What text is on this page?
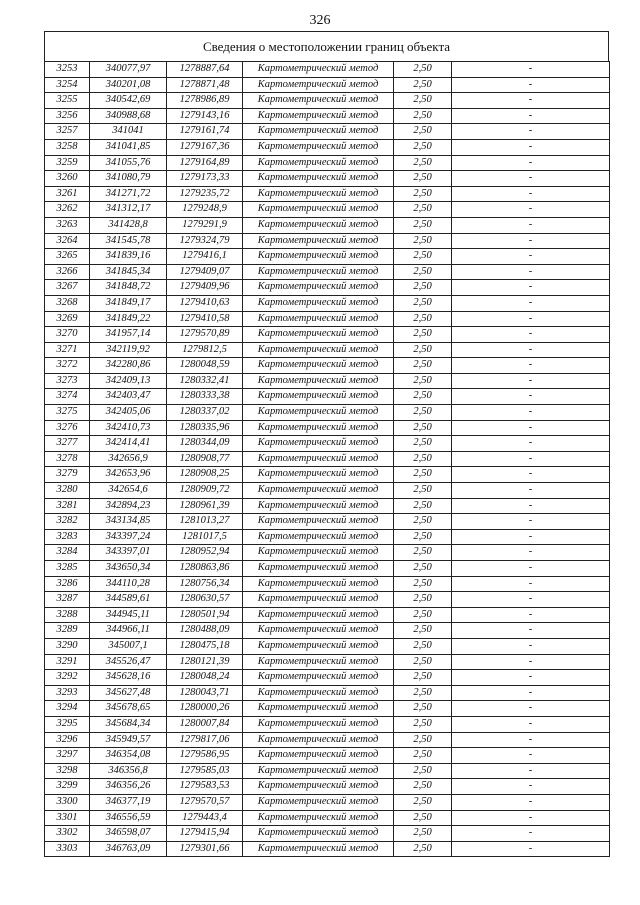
326
Сведения о местоположении границ объекта
3253	340077,97	1278887,64	Картометрический метод	2,50	-
3254	340201,08	1278871,48	Картометрический метод	2,50	-
3255	340542,69	1278986,89	Картометрический метод	2,50	-
3256	340988,68	1279143,16	Картометрический метод	2,50	-
3257	341041	1279161,74	Картометрический метод	2,50	-
3258	341041,85	1279167,36	Картометрический метод	2,50	-
3259	341055,76	1279164,89	Картометрический метод	2,50	-
3260	341080,79	1279173,33	Картометрический метод	2,50	-
3261	341271,72	1279235,72	Картометрический метод	2,50	-
3262	341312,17	1279248,9	Картометрический метод	2,50	-
3263	341428,8	1279291,9	Картометрический метод	2,50	-
3264	341545,78	1279324,79	Картометрический метод	2,50	-
3265	341839,16	1279416,1	Картометрический метод	2,50	-
3266	341845,34	1279409,07	Картометрический метод	2,50	-
3267	341848,72	1279409,96	Картометрический метод	2,50	-
3268	341849,17	1279410,63	Картометрический метод	2,50	-
3269	341849,22	1279410,58	Картометрический метод	2,50	-
3270	341957,14	1279570,89	Картометрический метод	2,50	-
3271	342119,92	1279812,5	Картометрический метод	2,50	-
3272	342280,86	1280048,59	Картометрический метод	2,50	-
3273	342409,13	1280332,41	Картометрический метод	2,50	-
3274	342403,47	1280333,38	Картометрический метод	2,50	-
3275	342405,06	1280337,02	Картометрический метод	2,50	-
3276	342410,73	1280335,96	Картометрический метод	2,50	-
3277	342414,41	1280344,09	Картометрический метод	2,50	-
3278	342656,9	1280908,77	Картометрический метод	2,50	-
3279	342653,96	1280908,25	Картометрический метод	2,50	-
3280	342654,6	1280909,72	Картометрический метод	2,50	-
3281	342894,23	1280961,39	Картометрический метод	2,50	-
3282	343134,85	1281013,27	Картометрический метод	2,50	-
3283	343397,24	1281017,5	Картометрический метод	2,50	-
3284	343397,01	1280952,94	Картометрический метод	2,50	-
3285	343650,34	1280863,86	Картометрический метод	2,50	-
3286	344110,28	1280756,34	Картометрический метод	2,50	-
3287	344589,61	1280630,57	Картометрический метод	2,50	-
3288	344945,11	1280501,94	Картометрический метод	2,50	-
3289	344966,11	1280488,09	Картометрический метод	2,50	-
3290	345007,1	1280475,18	Картометрический метод	2,50	-
3291	345526,47	1280121,39	Картометрический метод	2,50	-
3292	345628,16	1280048,24	Картометрический метод	2,50	-
3293	345627,48	1280043,71	Картометрический метод	2,50	-
3294	345678,65	1280000,26	Картометрический метод	2,50	-
3295	345684,34	1280007,84	Картометрический метод	2,50	-
3296	345949,57	1279817,06	Картометрический метод	2,50	-
3297	346354,08	1279586,95	Картометрический метод	2,50	-
3298	346356,8	1279585,03	Картометрический метод	2,50	-
3299	346356,26	1279583,53	Картометрический метод	2,50	-
3300	346377,19	1279570,57	Картометрический метод	2,50	-
3301	346556,59	1279443,4	Картометрический метод	2,50	-
3302	346598,07	1279415,94	Картометрический метод	2,50	-
3303	346763,09	1279301,66	Картометрический метод	2,50	-
